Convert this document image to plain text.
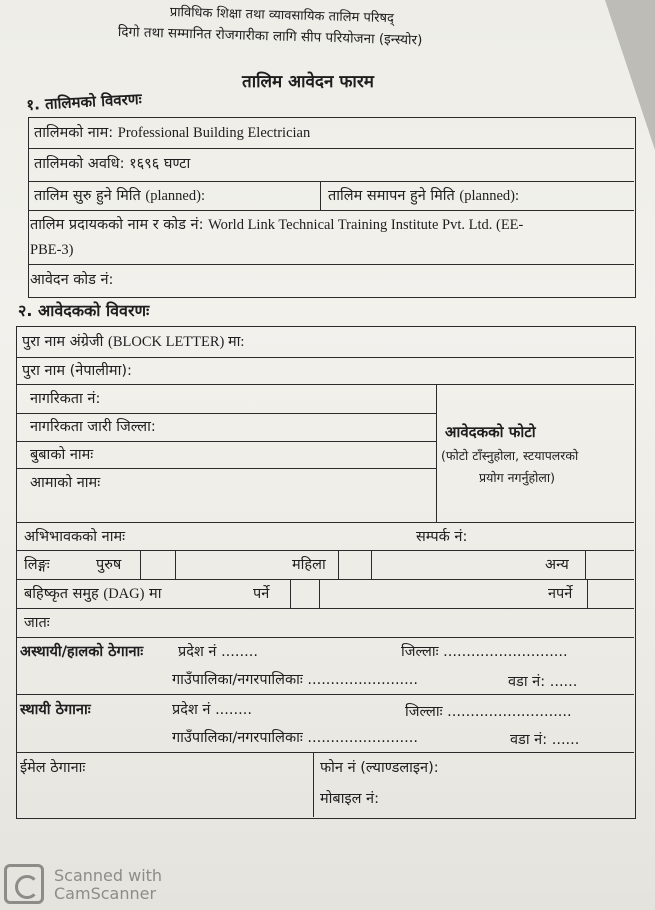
प्राविधिक शिक्षा तथा व्यावसायिक तालिम परिषद्
दिगो तथा सम्मानित रोजगारीका लागि सीप परियोजना (इन्स्योर)
तालिम आवेदन फारम
१. तालिमको विवरणः
तालिमको नाम: Professional Building Electrician
तालिमको अवधि: १६९६ घण्टा
तालिम सुरु हुने मिति (planned):	तालिम समापन हुने मिति (planned):
तालिम प्रदायकको नाम र कोड नं: World Link Technical Training Institute Pvt. Ltd. (EE-
PBE-3)
आवेदन कोड नं:
२. आवेदकको विवरणः
पुरा नाम अंग्रेजी (BLOCK LETTER) मा:
पुरा नाम (नेपालीमा):
नागरिकता नं:
नागरिकता जारी जिल्ला:
बुबाको नामः
आमाको नामः
आवेदकको फोटो
(फोटो टाँस्नुहोला, स्टयापलरको
प्रयोग नगर्नुहोला)
अभिभावकको नामः	सम्पर्क नं:
लिङ्गः	पुरुष	महिला	अन्य
बहिष्कृत समुह (DAG) मा	पर्ने	नपर्ने
जातः
अस्थायी/हालको ठेगानाः प्रदेश नं ........	जिल्लाः ...........................
गाउँपालिका/नगरपालिकाः ........................	वडा नं: ......
स्थायी ठेगानाः	प्रदेश नं ........	जिल्लाः ...........................
गाउँपालिका/नगरपालिकाः ........................	वडा नं: ......
ईमेल ठेगानाः	फोन नं (ल्याण्डलाइन):
मोबाइल नं:
Scanned with
CamScanner
